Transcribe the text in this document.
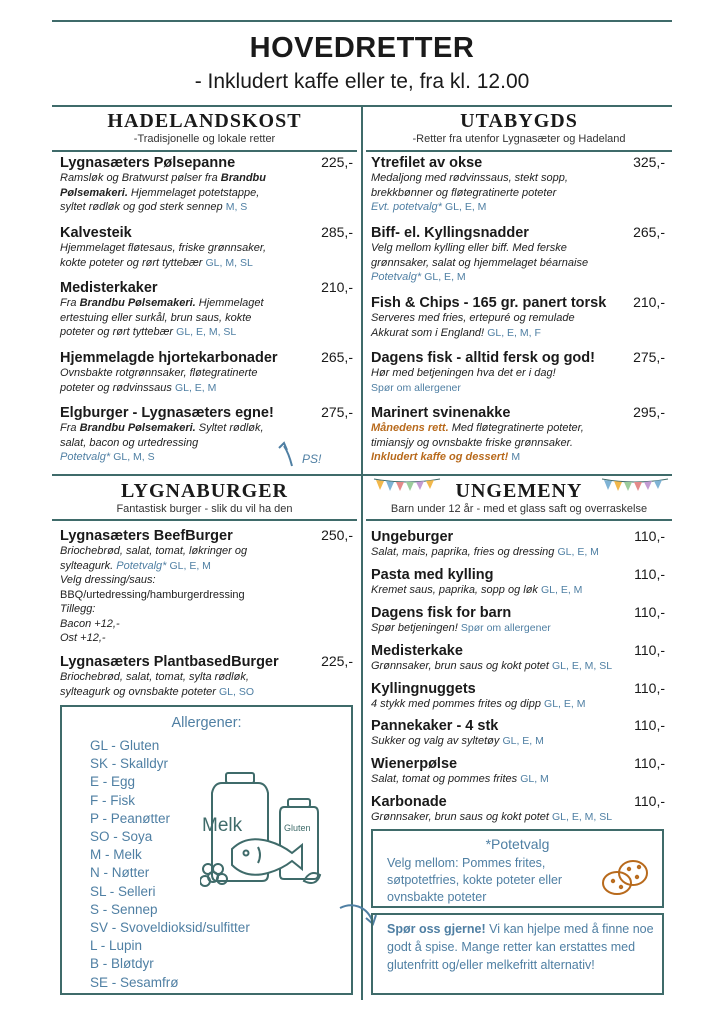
HOVEDRETTER
- Inkludert kaffe eller te, fra kl. 12.00
HADELANDSKOST
-Tradisjonelle og lokale retter
Lygnasæters Pølsepanne	225,-
Ramsløk og Bratwurst pølser fra Brandbu
Pølsemakeri. Hjemmelaget potetstappe,
syltet rødløk og god sterk sennep M, S
Kalvesteik	285,-
Hjemmelaget fløtesaus, friske grønnsaker,
kokte poteter og rørt tyttebær GL, M, SL
Medisterkaker	210,-
Fra Brandbu Pølsemakeri. Hjemmelaget
ertestuing eller surkål, brun saus, kokte
poteter og rørt tyttebær GL, E, M, SL
Hjemmelagde hjortekarbonader	265,-
Ovnsbakte rotgrønnsaker, fløtegratinerte
poteter og rødvinssaus GL, E, M
Elgburger - Lygnasæters egne!	275,-
Fra Brandbu Pølsemakeri. Syltet rødløk,
salat, bacon og urtedressing
Potetvalg* GL, M, S	PS!
UTABYGDS
-Retter fra utenfor Lygnasæter og Hadeland
Ytrefilet av okse	325,-
Medaljong med rødvinssaus, stekt sopp,
brekkbønner og fløtegratinerte poteter
Evt. potetvalg* GL, E, M
Biff- el. Kyllingsnadder	265,-
Velg mellom kylling eller biff. Med ferske
grønnsaker, salat og hjemmelaget béarnaise
Potetvalg* GL, E, M
Fish & Chips - 165 gr. panert torsk	210,-
Serveres med fries, ertepuré og remulade
Akkurat som i England! GL, E, M, F
Dagens fisk - alltid fersk og god!	275,-
Hør med betjeningen hva det er i dag!
Spør om allergener
Marinert svinenakke	295,-
Månedens rett. Med fløtegratinerte poteter,
timiansjy og ovnsbakte friske grønnsaker.
Inkludert kaffe og dessert! M
LYGNABURGER
Fantastisk burger - slik du vil ha den
Lygnasæters BeefBurger	250,-
Briochebrød, salat, tomat, løkringer og
sylteagurk. Potetvalg* GL, E, M
Velg dressing/saus:
BBQ/urtedressing/hamburgerdressing
Tillegg:
Bacon +12,-
Ost +12,-
Lygnasæters PlantbasedBurger	225,-
Briochebrød, salat, tomat, sylta rødløk,
sylteagurk og ovnsbakte poteter GL, SO
Allergener:
GL - Gluten
SK - Skalldyr
E - Egg
F - Fisk
P - Peanøtter
SO - Soya
M - Melk
N - Nøtter
SL - Selleri
S - Sennep
SV - Svoveldioksid/sulfitter
L - Lupin
B - Bløtdyr
SE - Sesamfrø
Melk	Gluten
UNGEMENY
Barn under 12 år - med et glass saft og overraskelse
Ungeburger	110,-
Salat, mais, paprika, fries og dressing GL, E, M
Pasta med kylling	110,-
Kremet saus, paprika, sopp og løk GL, E, M
Dagens fisk for barn	110,-
Spør betjeningen! Spør om allergener
Medisterkake	110,-
Grønnsaker, brun saus og kokt potet GL, E, M, SL
Kyllingnuggets	110,-
4 stykk med pommes frites og dipp GL, E, M
Pannekaker - 4 stk	110,-
Sukker og valg av syltetøy GL, E, M
Wienerpølse	110,-
Salat, tomat og pommes frites GL, M
Karbonade	110,-
Grønnsaker, brun saus og kokt potet GL, E, M, SL
*Potetvalg
Velg mellom: Pommes frites, søtpotetfries, kokte poteter eller ovnsbakte poteter
Spør oss gjerne! Vi kan hjelpe med å finne noe godt å spise. Mange retter kan erstattes med glutenfritt og/eller melkefritt alternativ!
